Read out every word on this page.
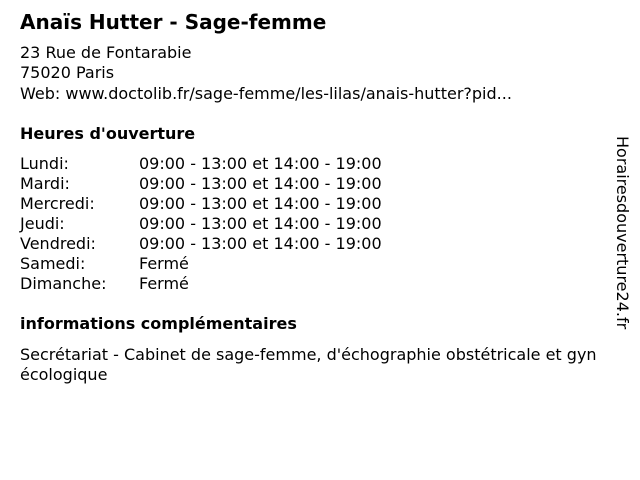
Anaïs Hutter - Sage-femme
23 Rue de Fontarabie
75020 Paris
Web: www.doctolib.fr/sage-femme/les-lilas/anais-hutter?pid...
Heures d'ouverture
Lundi:	09:00 - 13:00 et 14:00 - 19:00
Mardi:	09:00 - 13:00 et 14:00 - 19:00
Mercredi:	09:00 - 13:00 et 14:00 - 19:00
Jeudi:	09:00 - 13:00 et 14:00 - 19:00
Vendredi:	09:00 - 13:00 et 14:00 - 19:00
Samedi:	Fermé
Dimanche: Fermé
informations complémentaires
Secrétariat - Cabinet de sage-femme, d'échographie obstétricale et gynécologique
Horairesdouverture24.fr
